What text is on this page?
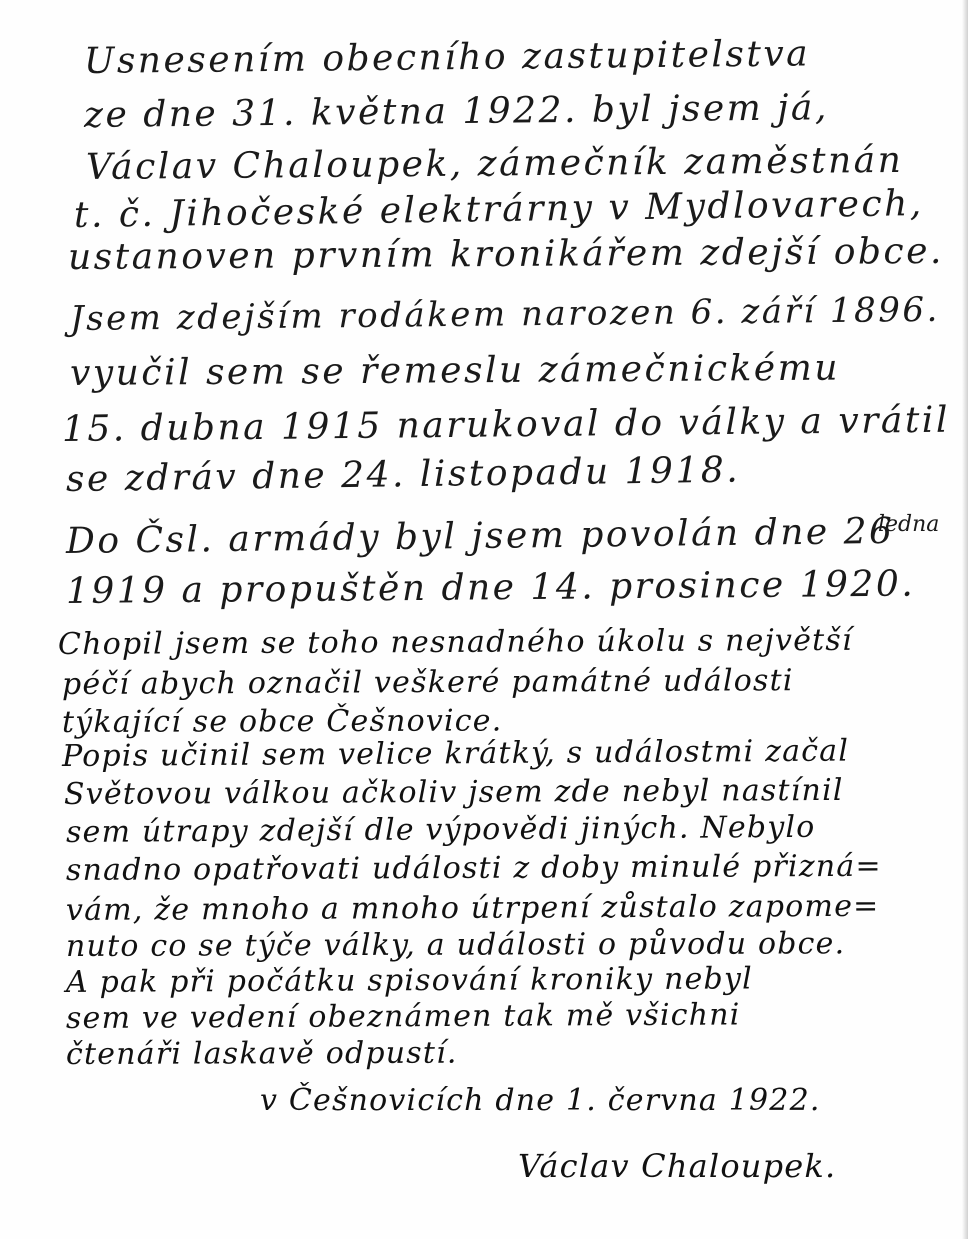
Usnesením obecního zastupitelstva
ze dne 31. května 1922. byl jsem já,
Václav Chaloupek, zámečník zaměstnán
t. č. Jihočeské elektrárny v Mydlovarech,
ustanoven prvním kronikářem zdejší obce.
Jsem zdejším rodákem narozen 6. září 1896.
vyučil sem se řemeslu zámečnickému
15. dubna 1915 narukoval do války a vrátil
se zdráv dne 24. listopadu 1918.
Do Čsl. armády byl jsem povolán dne 26
ledna
1919 a propuštěn dne 14. prosince 1920.
Chopil jsem se toho nesnadného úkolu s největší
péčí abych označil veškeré památné události
týkající se obce Češnovice.
Popis učinil sem velice krátký, s událostmi začal
Světovou válkou ačkoliv jsem zde nebyl nastínil
sem útrapy zdejší dle výpovědi jiných. Nebylo
snadno opatřovati události z doby minulé přizná=
vám, že mnoho a mnoho útrpení zůstalo zapome=
nuto co se týče války, a události o původu obce.
A pak při počátku spisování kroniky nebyl
sem ve vedení obeznámen tak mě všichni
čtenáři laskavě odpustí.
v Češnovicích dne 1. června 1922.
Václav Chaloupek.
